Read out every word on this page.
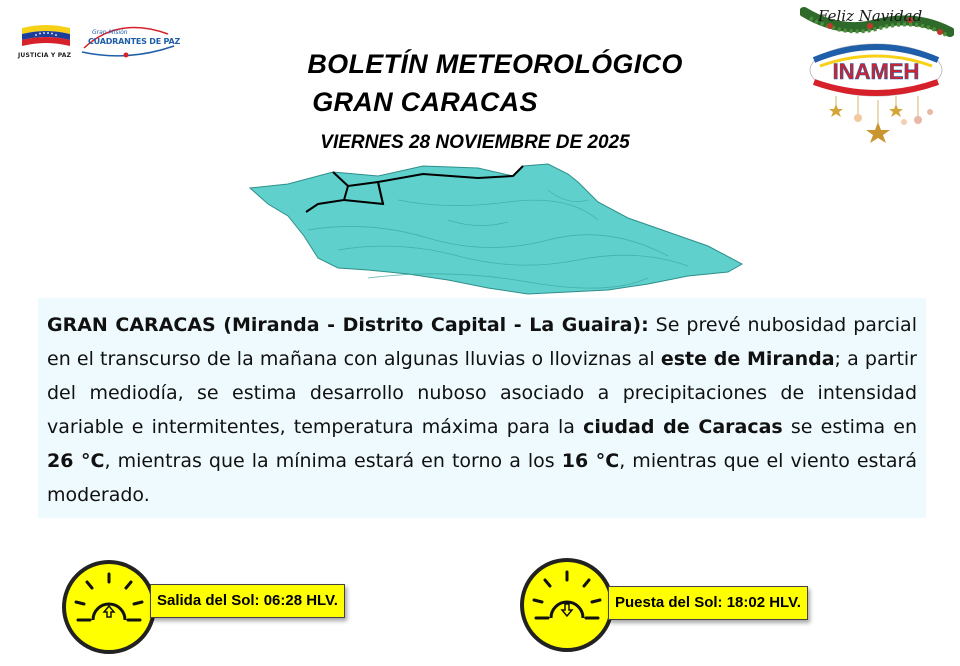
JUSTICIA Y PAZ
Gran Misión
CUADRANTES DE PAZ
BOLETÍN METEOROLÓGICO
GRAN CARACAS
VIERNES 28 NOVIEMBRE DE 2025
Feliz Navidad
INAMEH

GRAN CARACAS (Miranda - Distrito Capital - La Guaira): Se prevé nubosidad parcial en el transcurso de la mañana con algunas lluvias o lloviznas al este de Miranda; a partir del mediodía, se estima desarrollo nuboso asociado a precipitaciones de intensidad variable e intermitentes, temperatura máxima para la ciudad de Caracas se estima en 26 °C, mientras que la mínima estará en torno a los 16 °C, mientras que el viento estará moderado.

Salida del Sol: 06:28 HLV.	Puesta del Sol: 18:02 HLV.
